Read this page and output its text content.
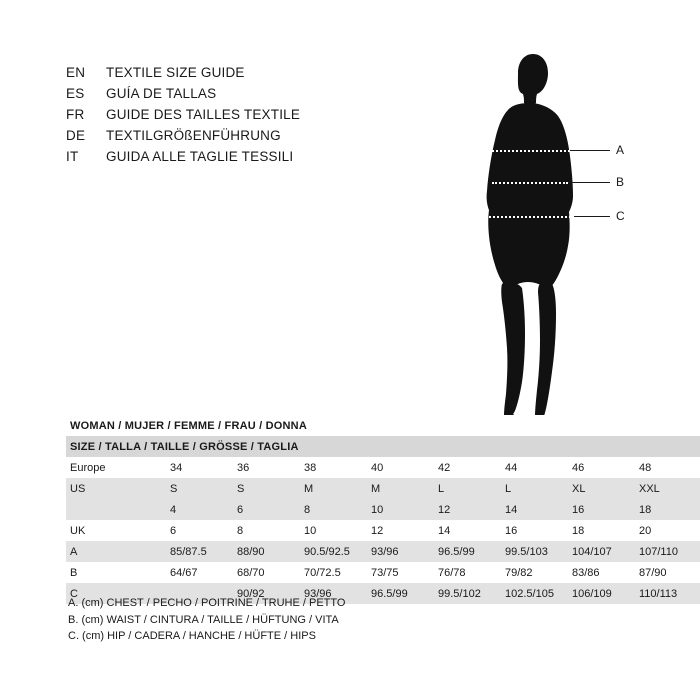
EN	TEXTILE SIZE GUIDE
ES	GUÍA DE TALLAS
FR	GUIDE DES TAILLES TEXTILE
DE	TEXTILGRÖßENFÜHRUNG
IT	GUIDA ALLE TAGLIE TESSILI	A
B
C
WOMAN / MUJER / FEMME / FRAU / DONNA								
SIZE / TALLA / TAILLE / GRÖSSE / TAGLIA								
Europe	34	36	38	40	42	44	46	48
US	S	S	M	M	L	L	XL	XXL
	4	6	8	10	12	14	16	18
UK	6	8	10	12	14	16	18	20
A	85/87.5	88/90	90.5/92.5	93/96	96.5/99	99.5/103	104/107	107/110
B	64/67	68/70	70/72.5	73/75	76/78	79/82	83/86	87/90
C		90/92	93/96	96.5/99	99.5/102	102.5/105	106/109	110/113
A. (cm) CHEST / PECHO / POITRINE / TRUHE / PETTO
B. (cm) WAIST / CINTURA / TAILLE / HÜFTUNG / VITA
C. (cm) HIP / CADERA / HANCHE / HÜFTE / HIPS
